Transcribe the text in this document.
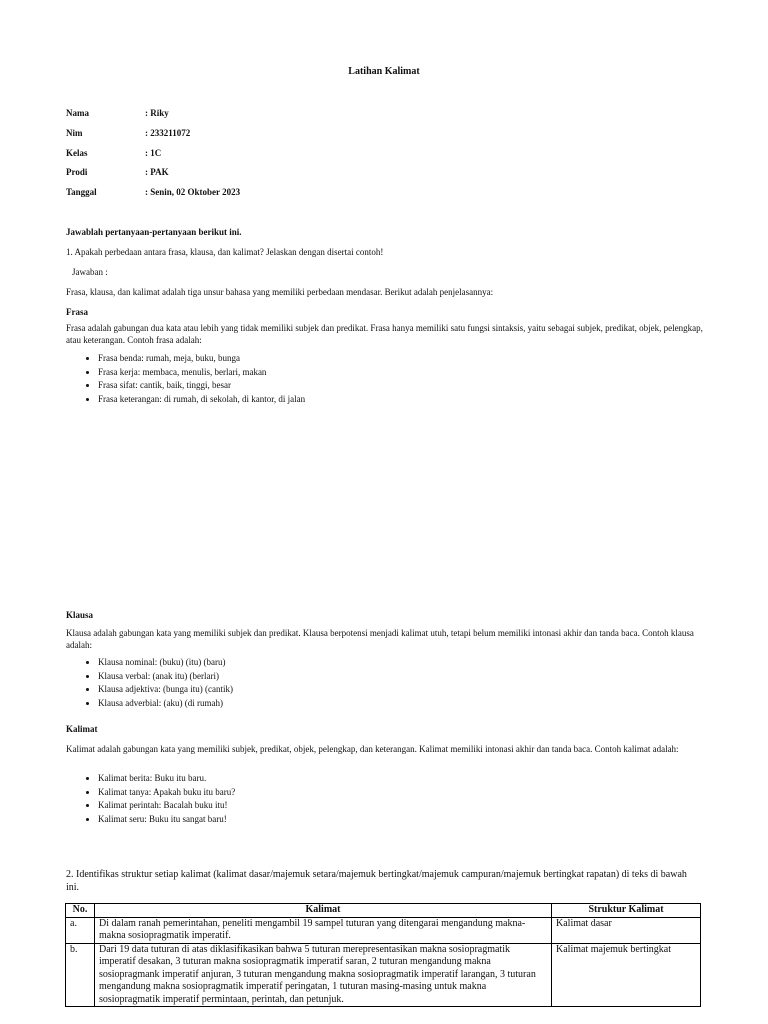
Latihan Kalimat
Nama	: Riky
Nim	: 233211072
Kelas	: 1C
Prodi	: PAK
Tanggal	: Senin, 02 Oktober 2023
Jawablah pertanyaan-pertanyaan berikut ini.
1. Apakah perbedaan antara frasa, klausa, dan kalimat? Jelaskan dengan disertai contoh!
Jawaban :
Frasa, klausa, dan kalimat adalah tiga unsur bahasa yang memiliki perbedaan mendasar. Berikut adalah penjelasannya:
Frasa
Frasa adalah gabungan dua kata atau lebih yang tidak memiliki subjek dan predikat. Frasa hanya memiliki satu fungsi sintaksis, yaitu sebagai subjek, predikat, objek, pelengkap, atau keterangan. Contoh frasa adalah:
• Frasa benda: rumah, meja, buku, bunga
• Frasa kerja: membaca, menulis, berlari, makan
• Frasa sifat: cantik, baik, tinggi, besar
• Frasa keterangan: di rumah, di sekolah, di kantor, di jalan
Klausa
Klausa adalah gabungan kata yang memiliki subjek dan predikat. Klausa berpotensi menjadi kalimat utuh, tetapi belum memiliki intonasi akhir dan tanda baca. Contoh klausa adalah:
• Klausa nominal: (buku) (itu) (baru)
• Klausa verbal: (anak itu) (berlari)
• Klausa adjektiva: (bunga itu) (cantik)
• Klausa adverbial: (aku) (di rumah)
Kalimat
Kalimat adalah gabungan kata yang memiliki subjek, predikat, objek, pelengkap, dan keterangan. Kalimat memiliki intonasi akhir dan tanda baca. Contoh kalimat adalah:
• Kalimat berita: Buku itu baru.
• Kalimat tanya: Apakah buku itu baru?
• Kalimat perintah: Bacalah buku itu!
• Kalimat seru: Buku itu sangat baru!
2. Identifikas struktur setiap kalimat (kalimat dasar/majemuk setara/majemuk bertingkat/majemuk campuran/majemuk bertingkat rapatan) di teks di bawah ini.
No.	Kalimat	Struktur Kalimat
a.	Di dalam ranah pemerintahan, peneliti mengambil 19 sampel tuturan yang ditengarai mengandung makna-makna sosiopragmatik imperatif.	Kalimat dasar
b.	Dari 19 data tuturan di atas diklasifikasikan bahwa 5 tuturan merepresentasikan makna sosiopragmatik imperatif desakan, 3 tuturan makna sosiopragmatik imperatif saran, 2 tuturan mengandung makna sosiopragmank imperatif anjuran, 3 tuturan mengandung makna sosiopragmatik imperatif larangan, 3 tuturan mengandung makna sosiopragmatik imperatif peringatan, 1 tuturan masing-masing untuk makna sosiopragmatik imperatif permintaan, perintah, dan petunjuk.	Kalimat majemuk bertingkat
